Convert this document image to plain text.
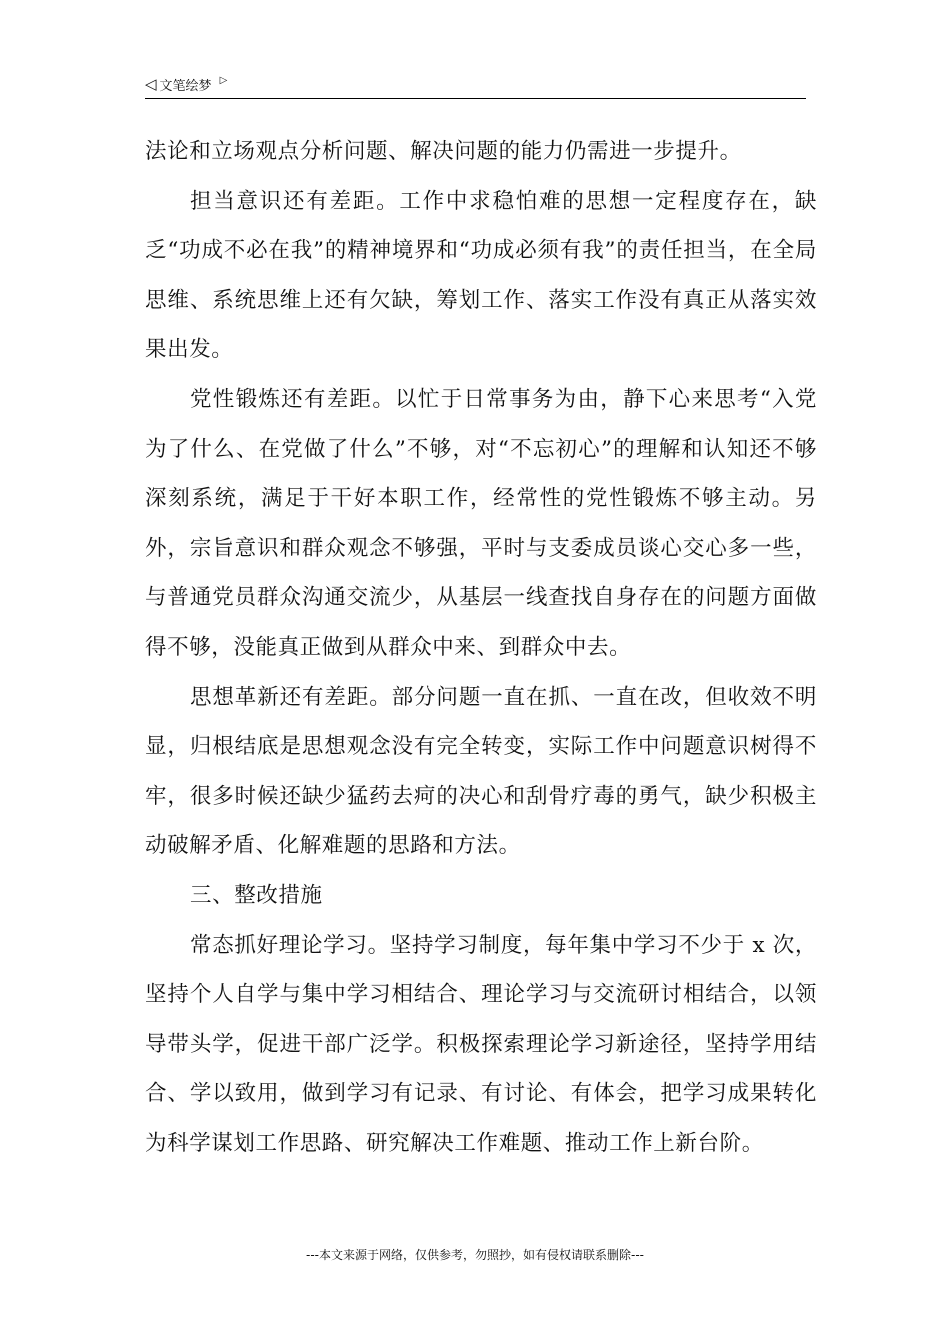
◁ 文笔绘梦 ▷

法论和立场观点分析问题、解决问题的能力仍需进一步提升。

担当意识还有差距。工作中求稳怕难的思想一定程度存在，缺乏“功成不必在我”的精神境界和“功成必须有我”的责任担当，在全局思维、系统思维上还有欠缺，筹划工作、落实工作没有真正从落实效果出发。

党性锻炼还有差距。以忙于日常事务为由，静下心来思考“入党为了什么、在党做了什么”不够，对“不忘初心”的理解和认知还不够深刻系统，满足于干好本职工作，经常性的党性锻炼不够主动。另外，宗旨意识和群众观念不够强，平时与支委成员谈心交心多一些，与普通党员群众沟通交流少，从基层一线查找自身存在的问题方面做得不够，没能真正做到从群众中来、到群众中去。

思想革新还有差距。部分问题一直在抓、一直在改，但收效不明显，归根结底是思想观念没有完全转变，实际工作中问题意识树得不牢，很多时候还缺少猛药去疴的决心和刮骨疗毒的勇气，缺少积极主动破解矛盾、化解难题的思路和方法。

三、整改措施

常态抓好理论学习。坚持学习制度，每年集中学习不少于 x 次，坚持个人自学与集中学习相结合、理论学习与交流研讨相结合，以领导带头学，促进干部广泛学。积极探索理论学习新途径，坚持学用结合、学以致用，做到学习有记录、有讨论、有体会，把学习成果转化为科学谋划工作思路、研究解决工作难题、推动工作上新台阶。

---本文来源于网络，仅供参考，勿照抄，如有侵权请联系删除---
